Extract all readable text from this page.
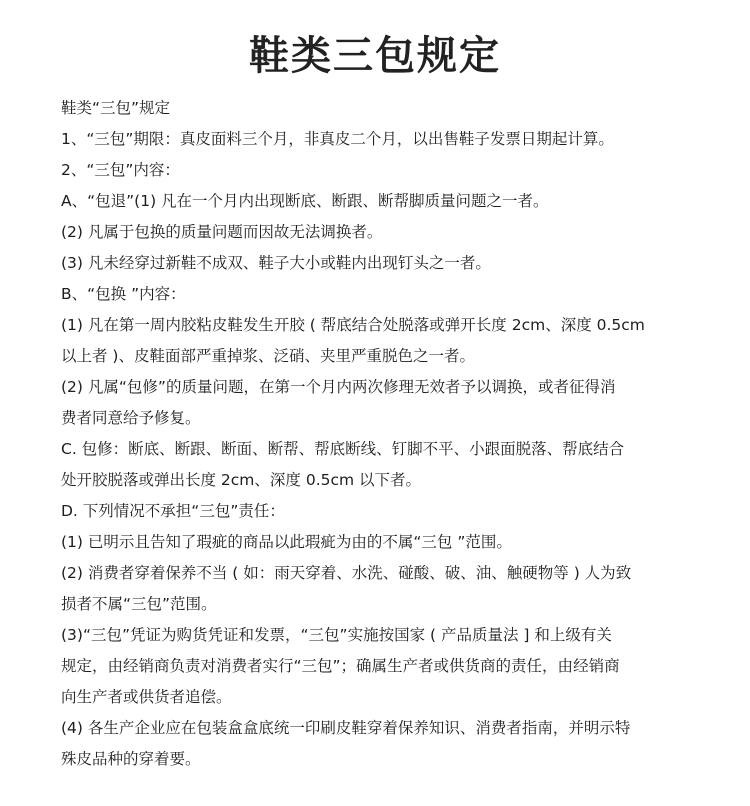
鞋类三包规定
鞋类“三包”规定
1、“三包”期限：真皮面料三个月，非真皮二个月，以出售鞋子发票日期起计算。
2、“三包”内容：
A、“包退”(1) 凡在一个月内出现断底、断跟、断帮脚质量问题之一者。
(2) 凡属于包换的质量问题而因故无法调换者。
(3) 凡未经穿过新鞋不成双、鞋子大小或鞋内出现钉头之一者。
B、“包换 ”内容：
(1) 凡在第一周内胶粘皮鞋发生开胶 ( 帮底结合处脱落或弹开长度 2cm、深度 0.5cm
以上者 )、皮鞋面部严重掉浆、泛硝、夹里严重脱色之一者。
(2) 凡属“包修”的质量问题，在第一个月内两次修理无效者予以调换，或者征得消
费者同意给予修复。
C. 包修：断底、断跟、断面、断帮、帮底断线、钉脚不平、小跟面脱落、帮底结合
处开胶脱落或弹出长度 2cm、深度 0.5cm 以下者。
D. 下列情况不承担“三包”责任：
(1) 已明示且告知了瑕疵的商品以此瑕疵为由的不属“三包 ”范围。
(2) 消费者穿着保养不当 ( 如：雨天穿着、水洗、碰酸、破、油、触硬物等 ) 人为致
损者不属“三包”范围。
(3)“三包”凭证为购货凭证和发票，“三包”实施按国家 ( 产品质量法 ] 和上级有关
规定，由经销商负责对消费者实行“三包”；确属生产者或供货商的责任，由经销商
向生产者或供货者追偿。
(4) 各生产企业应在包装盒盒底统一印刷皮鞋穿着保养知识、消费者指南，并明示特
殊皮品种的穿着要。
